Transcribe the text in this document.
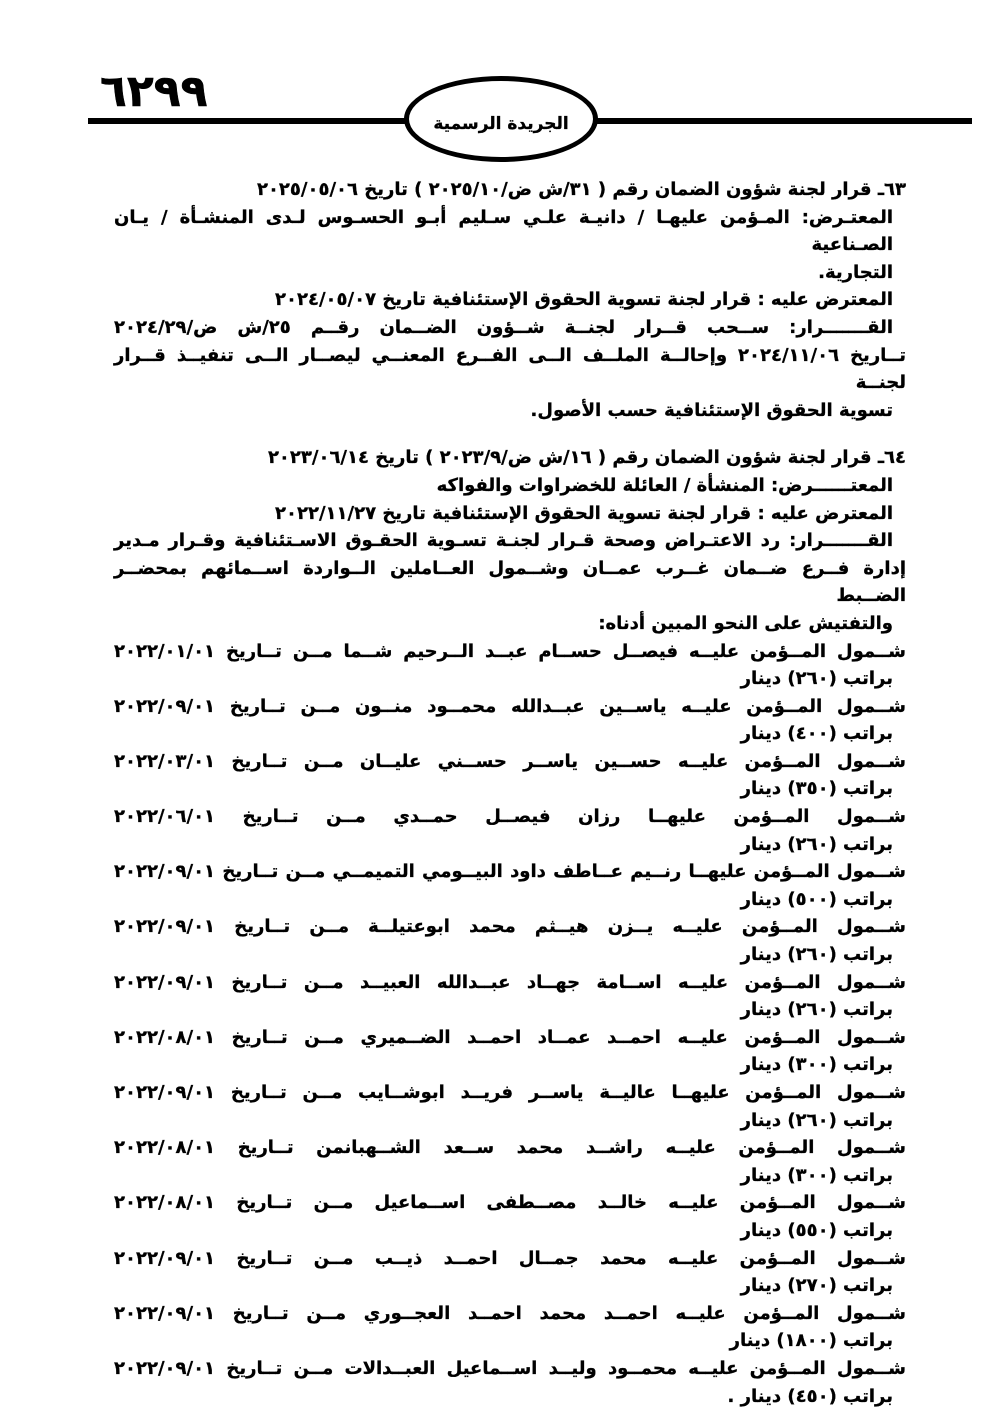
٦٢٩٩
الجريدة الرسمية
٦٣ـ قرار لجنة شؤون الضمان رقم ( ٣١/ش ض/٢٠٢٥/١٠ ) تاريخ ٢٠٢٥/٠٥/٠٦
المعتـرض: المـؤمن عليهـا / دانيـة علـي سـليم أبـو الحسـوس لـدى المنشـأة / يـان الصـناعية
التجارية.
المعترض عليه : قرار لجنة تسوية الحقوق الإستئنافية تاريخ ٢٠٢٤/٠٥/٠٧
القـــــــرار: ســحب قــرار لجنــة شــؤون الضــمان رقــم ٢٥/ش ض/٢٠٢٤/٢٩
تــاريخ ٢٠٢٤/١١/٠٦ وإحالــة الملــف الــى الفــرع المعنــي ليصــار الــى تنفيــذ قــرار لجنــة
تسوية الحقوق الإستئنافية حسب الأصول.
٦٤ـ قرار لجنة شؤون الضمان رقم ( ١٦/ش ض/٢٠٢٣/٩ ) تاريخ ٢٠٢٣/٠٦/١٤
المعتــــــرض: المنشأة / العائلة للخضراوات والفواكه
المعترض عليه : قرار لجنة تسوية الحقوق الإستئنافية تاريخ ٢٠٢٢/١١/٢٧
القـــــــرار: رد الاعتـراض وصحة قـرار لجنـة تسـوية الحقـوق الاسـتئنافية وقـرار مـدير
إدارة فــرع ضــمان غــرب عمــان وشــمول العــاملين الــواردة اســمائهم بمحضــر الضــبط
والتفتيش على النحو المبين أدناه:
شــمول المــؤمن عليــه فيصــل حســام عبــد الــرحيم شــما مــن تــاريخ ٢٠٢٢/٠١/٠١
براتب (٢٦٠) دينار
شــمول المــؤمن عليــه ياســين عبــدالله محمــود منــون مــن تــاريخ ٢٠٢٢/٠٩/٠١
براتب (٤٠٠) دينار
شــمول المــؤمن عليــه حســين ياســر حســني عليــان مــن تــاريخ ٢٠٢٢/٠٣/٠١
براتب (٣٥٠) دينار
شــمول المــؤمن عليهــا رزان فيصــل حمــدي مــن تــاريخ ٢٠٢٢/٠٦/٠١
براتب (٢٦٠) دينار
شــمول المــؤمن عليهــا رنــيم عــاطف داود البيــومي التميمــي مــن تــاريخ ٢٠٢٢/٠٩/٠١
براتب (٥٠٠) دينار
شــمول المــؤمن عليــه يــزن هيــثم محمد ابوعتيلــة مــن تــاريخ ٢٠٢٢/٠٩/٠١
براتب (٢٦٠) دينار
شــمول المــؤمن عليــه اســامة جهــاد عبــدالله العبيــد مــن تــاريخ ٢٠٢٢/٠٩/٠١
براتب (٢٦٠) دينار
شــمول المــؤمن عليــه احمــد عمــاد احمــد الضــميري مــن تــاريخ ٢٠٢٢/٠٨/٠١
براتب (٣٠٠) دينار
شــمول المــؤمن عليهــا عاليــة ياســر فريــد ابوشــايب مــن تــاريخ ٢٠٢٢/٠٩/٠١
براتب (٢٦٠) دينار
شــمول المــؤمن عليــه راشــد محمد ســعد الشــهبانمن تــاريخ ٢٠٢٢/٠٨/٠١
براتب (٣٠٠) دينار
شــمول المــؤمن عليــه خالــد مصــطفى اســماعيل مــن تــاريخ ٢٠٢٢/٠٨/٠١
براتب (٥٥٠) دينار
شــمول المــؤمن عليــه محمد جمــال احمــد ذيــب مــن تــاريخ ٢٠٢٢/٠٩/٠١
براتب (٢٧٠) دينار
شــمول المــؤمن عليــه احمــد محمد احمــد العجــوري مــن تــاريخ ٢٠٢٢/٠٩/٠١
براتب (١٨٠٠) دينار
شــمول المــؤمن عليــه محمــود وليــد اســماعيل العبــدالات مــن تــاريخ ٢٠٢٢/٠٩/٠١
براتب (٤٥٠) دينار .
